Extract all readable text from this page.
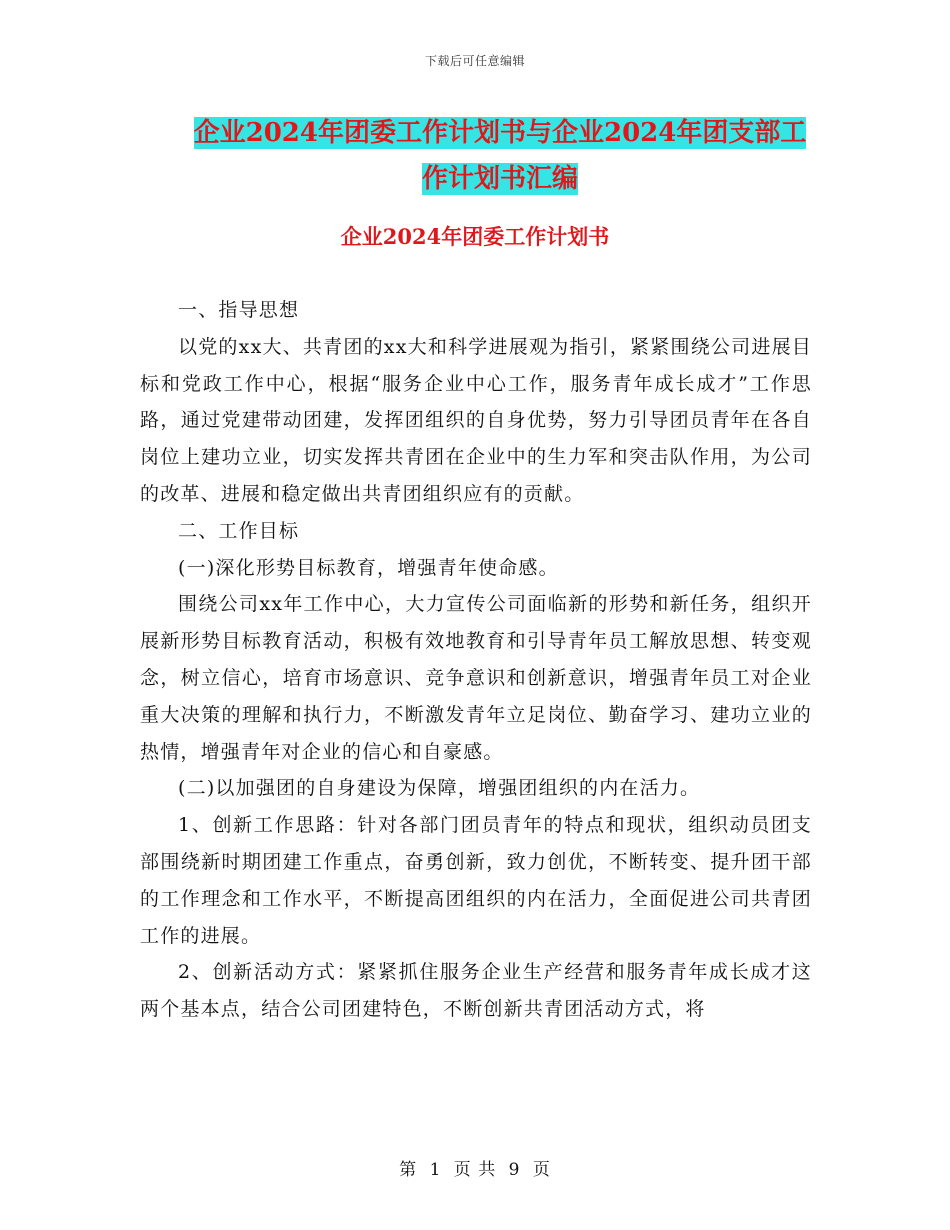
下载后可任意编辑
企业2024年团委工作计划书与企业2024年团支部工
作计划书汇编
企业2024年团委工作计划书

一、指导思想

以党的xx大、共青团的xx大和科学进展观为指引，紧紧围绕公司进展目标和党政工作中心，根据“服务企业中心工作，服务青年成长成才”工作思路，通过党建带动团建，发挥团组织的自身优势，努力引导团员青年在各自岗位上建功立业，切实发挥共青团在企业中的生力军和突击队作用，为公司的改革、进展和稳定做出共青团组织应有的贡献。

二、工作目标

(一)深化形势目标教育，增强青年使命感。

围绕公司xx年工作中心，大力宣传公司面临新的形势和新任务，组织开展新形势目标教育活动，积极有效地教育和引导青年员工解放思想、转变观念，树立信心，培育市场意识、竞争意识和创新意识，增强青年员工对企业重大决策的理解和执行力，不断激发青年立足岗位、勤奋学习、建功立业的热情，增强青年对企业的信心和自豪感。

(二)以加强团的自身建设为保障，增强团组织的内在活力。

1、创新工作思路：针对各部门团员青年的特点和现状，组织动员团支部围绕新时期团建工作重点，奋勇创新，致力创优，不断转变、提升团干部的工作理念和工作水平，不断提高团组织的内在活力，全面促进公司共青团工作的进展。

2、创新活动方式：紧紧抓住服务企业生产经营和服务青年成长成才这两个基本点，结合公司团建特色，不断创新共青团活动方式，将

第 1 页 共 9 页
